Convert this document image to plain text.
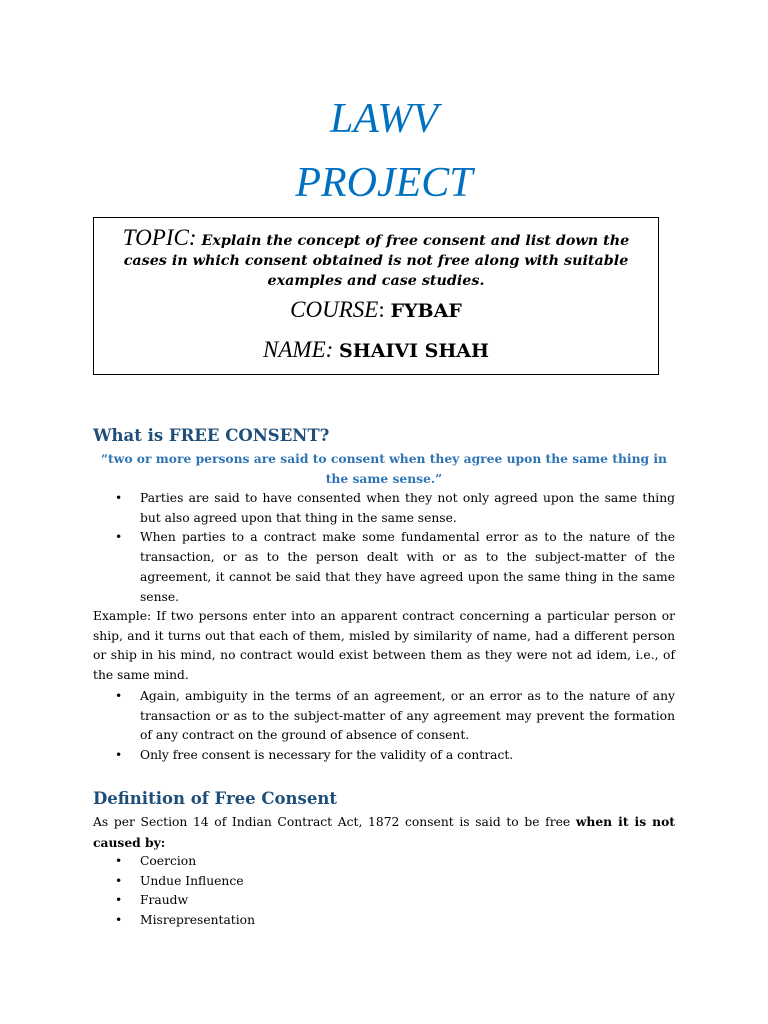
LAWV
PROJECT
TOPIC: Explain the concept of free consent and list down the cases in which consent obtained is not free along with suitable examples and case studies.
COURSE: FYBAF
NAME: SHAIVI SHAH
What is FREE CONSENT?
“two or more persons are said to consent when they agree upon the same thing in the same sense.”
• Parties are said to have consented when they not only agreed upon the same thing but also agreed upon that thing in the same sense.
• When parties to a contract make some fundamental error as to the nature of the transaction, or as to the person dealt with or as to the subject-matter of the agreement, it cannot be said that they have agreed upon the same thing in the same sense.
Example: If two persons enter into an apparent contract concerning a particular person or ship, and it turns out that each of them, misled by similarity of name, had a different person or ship in his mind, no contract would exist between them as they were not ad idem, i.e., of the same mind.
• Again, ambiguity in the terms of an agreement, or an error as to the nature of any transaction or as to the subject-matter of any agreement may prevent the formation of any contract on the ground of absence of consent.
• Only free consent is necessary for the validity of a contract.
Definition of Free Consent
As per Section 14 of Indian Contract Act, 1872 consent is said to be free when it is not caused by:
• Coercion
• Undue Influence
• Fraudw
• Misrepresentation
